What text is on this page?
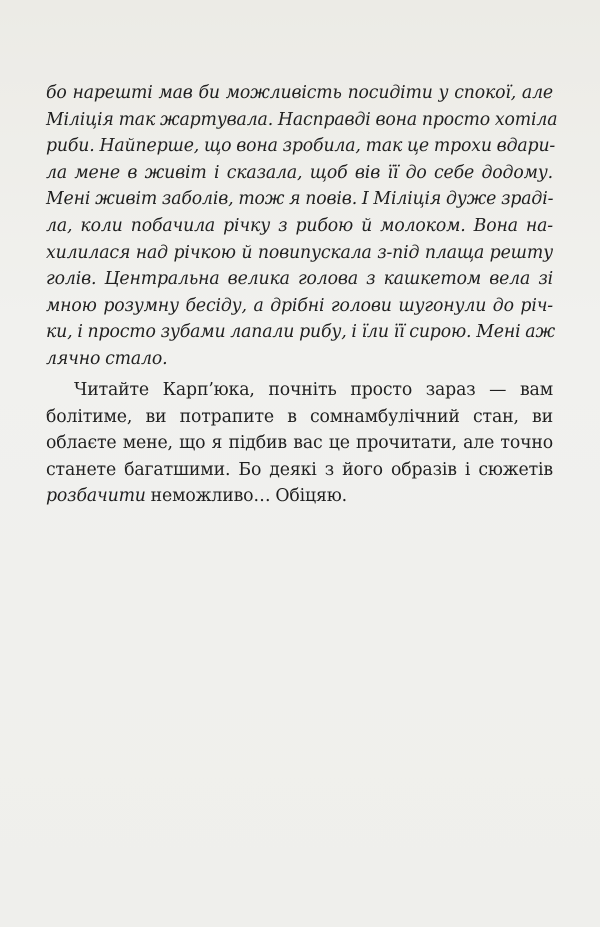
бо нарешті мав би можливість посидіти у спокої, але
Міліція так жартувала. Насправді вона просто хотіла
риби. Найперше, що вона зробила, так це трохи вдари-
ла мене в живіт і сказала, щоб вів її до себе додому.
Мені живіт заболів, тож я повів. І Міліція дуже зраді-
ла, коли побачила річку з рибою й молоком. Вона на-
хилилася над річкою й повипускала з-під плаща решту
голів. Центральна велика голова з кашкетом вела зі
мною розумну бесіду, а дрібні голови шугонули до річ-
ки, і просто зубами лапали рибу, і їли її сирою. Мені аж
лячно стало.
Читайте Карп’юка, почніть просто зараз — вам
болітиме, ви потрапите в сомнамбулічний стан, ви
облаєте мене, що я підбив вас це прочитати, але точно
станете багатшими. Бо деякі з його образів і сюжетів
розбачити неможливо… Обіцяю.
